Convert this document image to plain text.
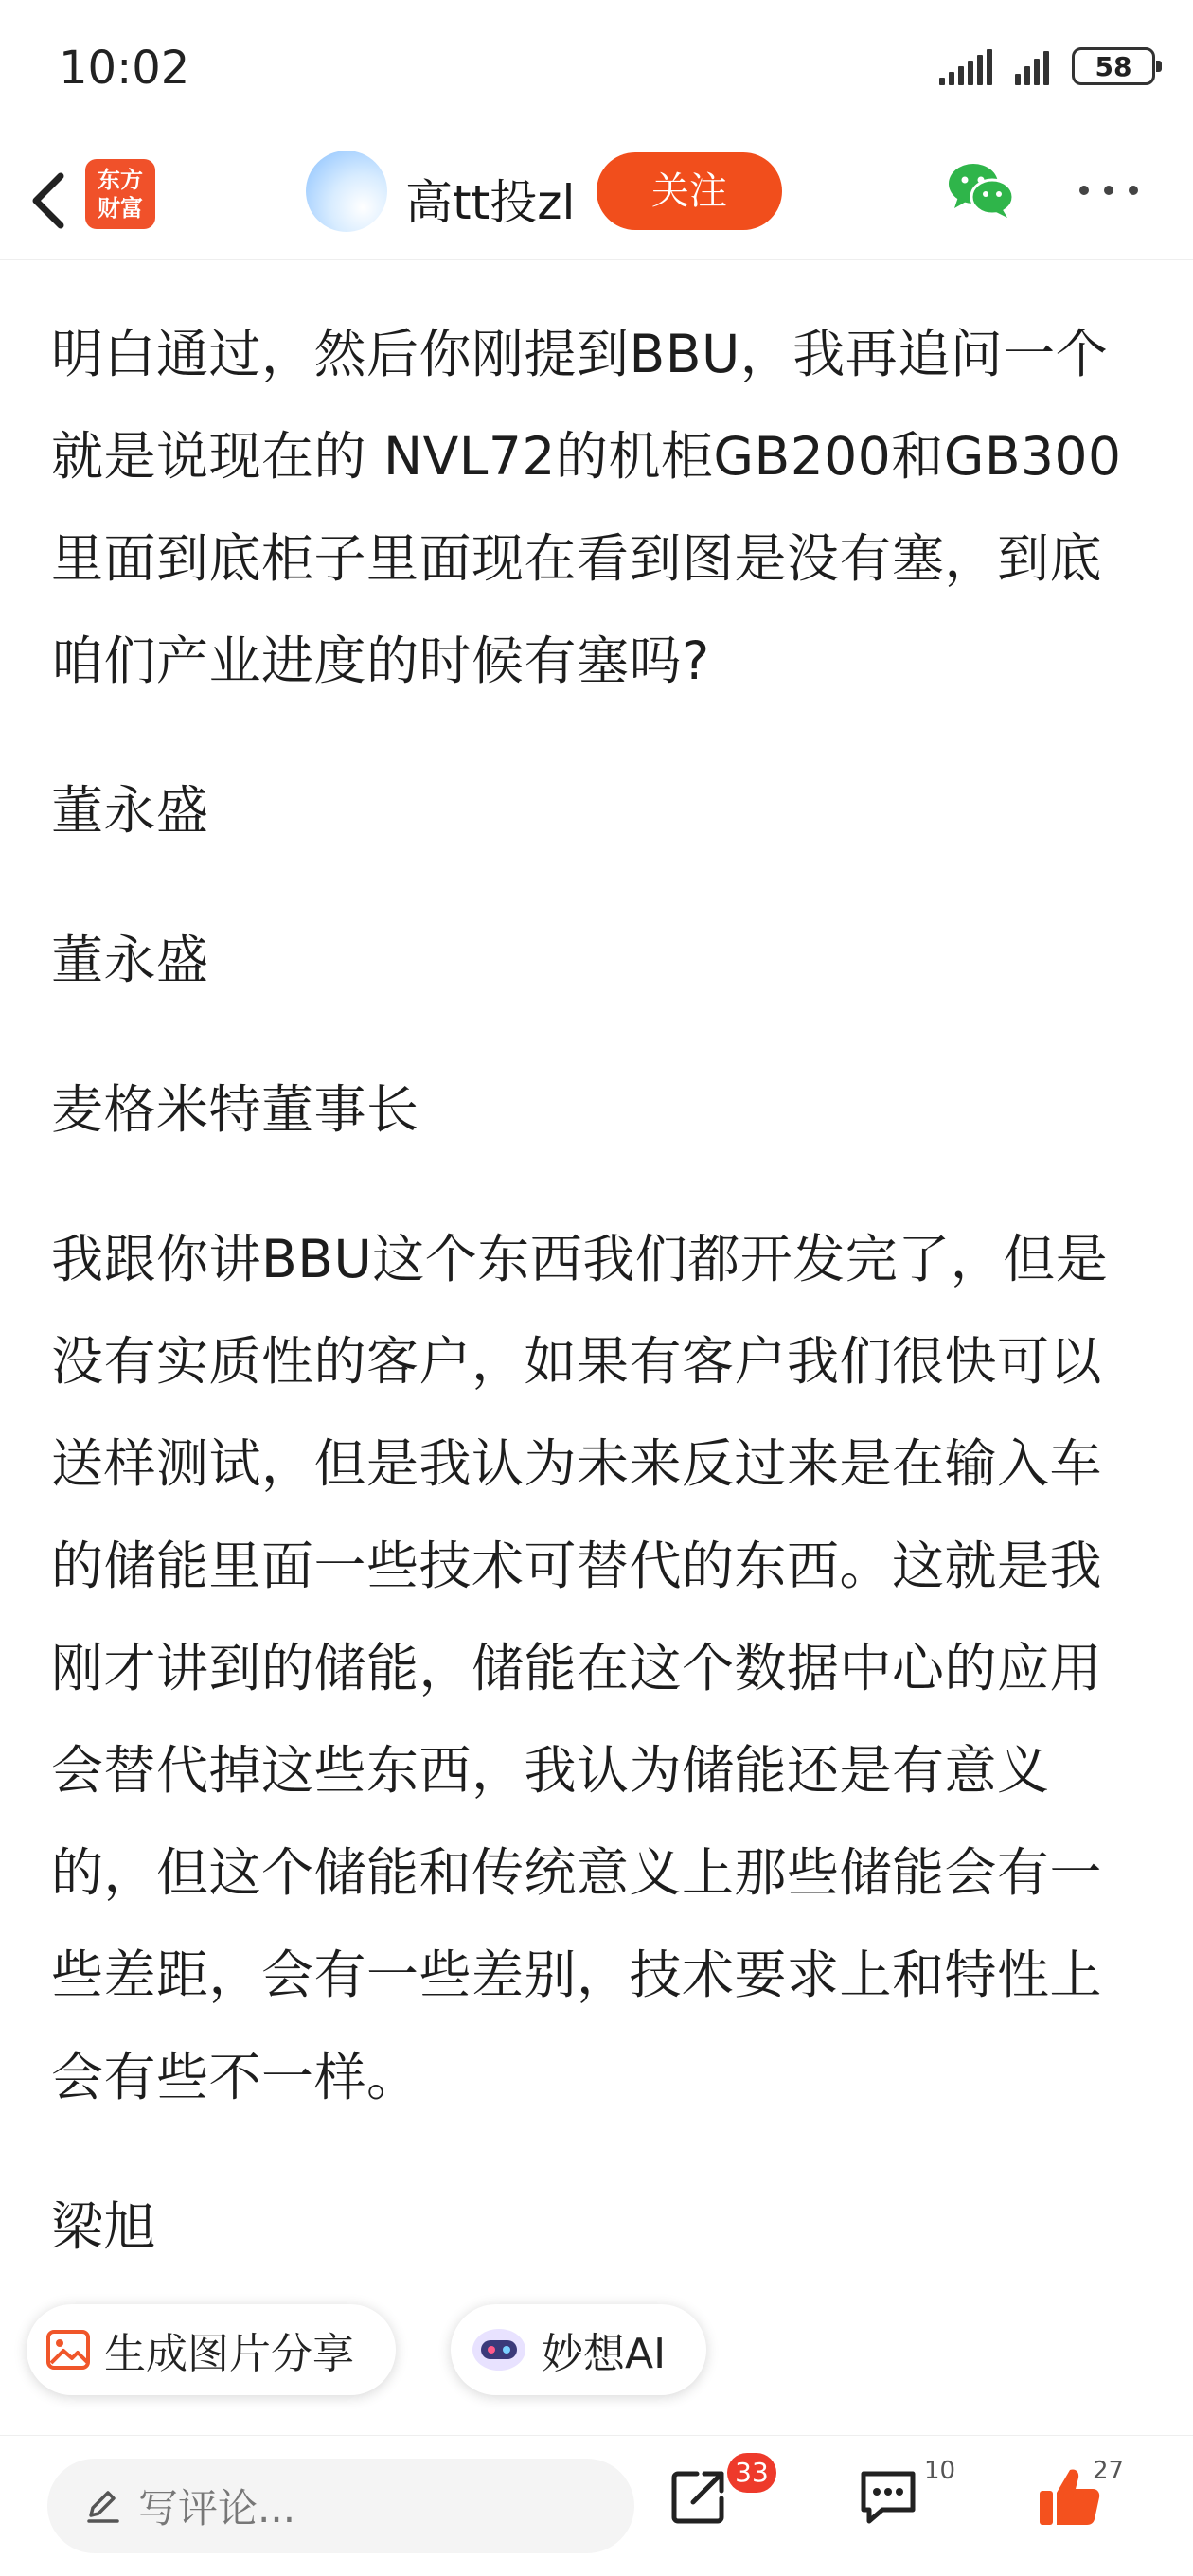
10:02	58
东方
财富	高tt投zl	关注

明白通过，然后你刚提到BBU，我再追问一个就是说现在的 NVL72的机柜GB200和GB300里面到底柜子里面现在看到图是没有塞，到底咱们产业进度的时候有塞吗?

董永盛

董永盛

麦格米特董事长

我跟你讲BBU这个东西我们都开发完了，但是没有实质性的客户，如果有客户我们很快可以送样测试，但是我认为未来反过来是在输入车的储能里面一些技术可替代的东西。这就是我刚才讲到的储能，储能在这个数据中心的应用会替代掉这些东西，我认为储能还是有意义的，但这个储能和传统意义上那些储能会有一些差距，会有一些差别，技术要求上和特性上会有些不一样。

梁旭

生成图片分享	妙想AI
写评论...
33	10	27
